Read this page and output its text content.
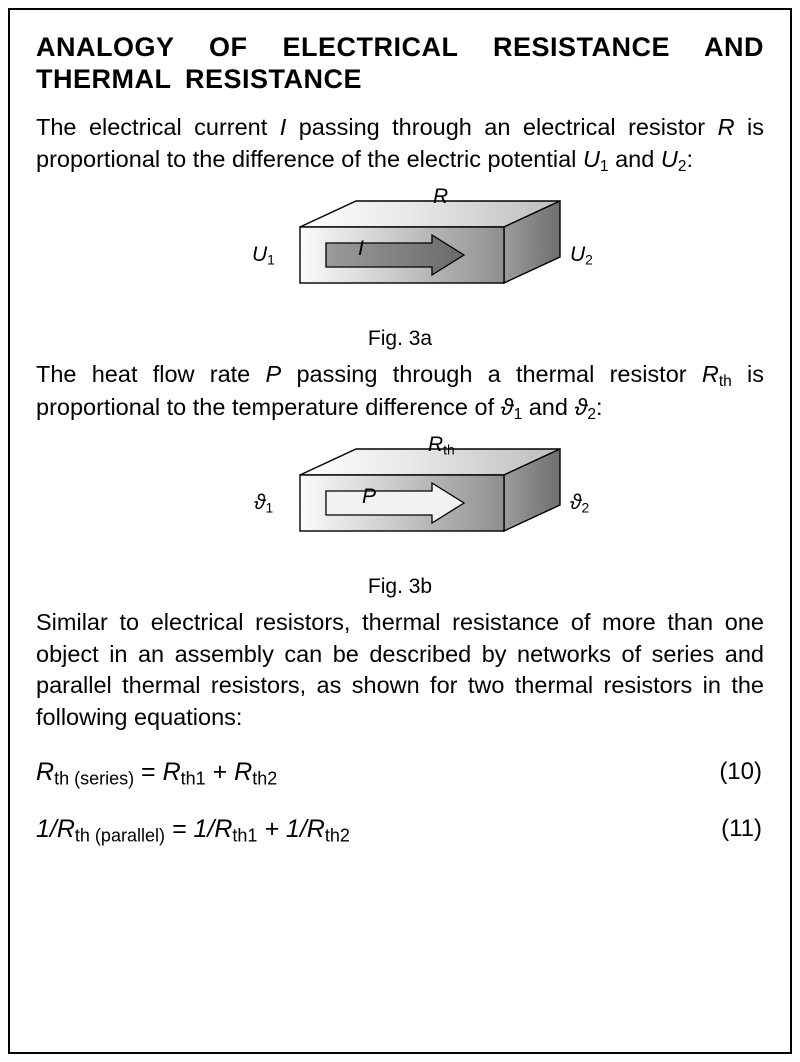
ANALOGY OF ELECTRICAL RESISTANCE AND THERMAL RESISTANCE

The electrical current I passing through an electrical resistor R is proportional to the difference of the electric potential $U_1$ and $U_2$:

R
$U_1$	$U_2$
I
Fig. 3a

The heat flow rate P passing through a thermal resistor $R_{th}$ is proportional to the temperature difference of $ϑ_1$ and $ϑ_2$:

$R_{th}$
$ϑ_1$	$ϑ_2$
P
Fig. 3b

Similar to electrical resistors, thermal resistance of more than one object in an assembly can be described by networks of series and parallel thermal resistors, as shown for two thermal resistors in the following equations:

$R_{th (series)} = R_{th1} + R_{th2}$	(10)
$1/R_{th (parallel)} = 1/R_{th1} + 1/R_{th2}$	(11)
